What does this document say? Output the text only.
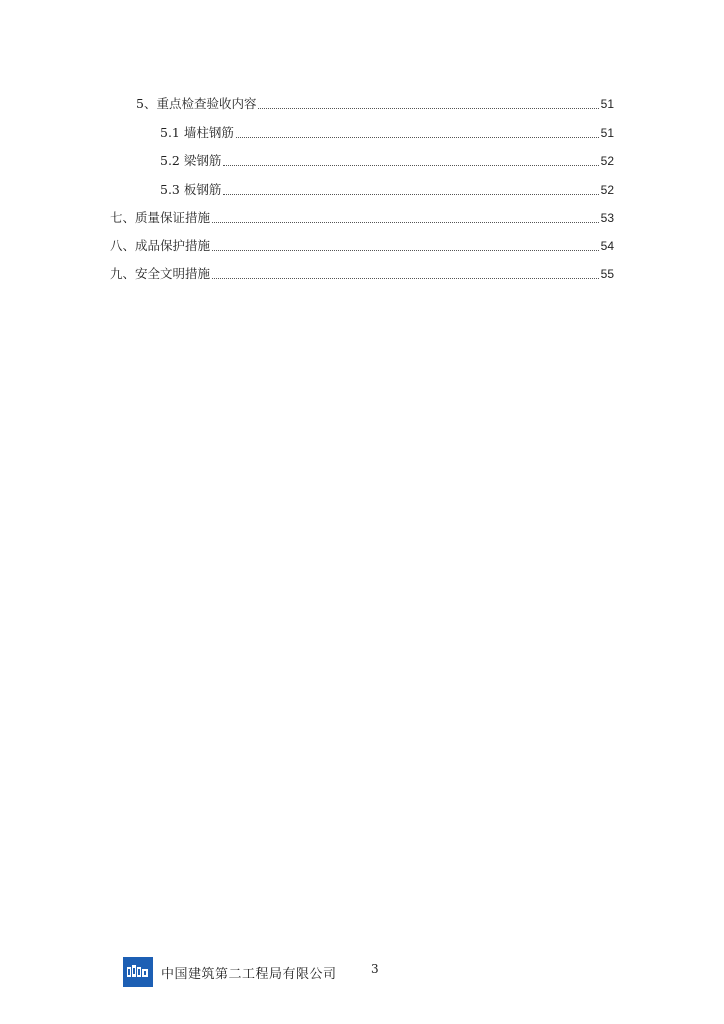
5、重点检查验收内容	51
5.1 墙柱钢筋	51
5.2 梁钢筋	52
5.3 板钢筋	52
七、质量保证措施	53
八、成品保护措施	54
九、安全文明措施	55
中国建筑第二工程局有限公司	3
